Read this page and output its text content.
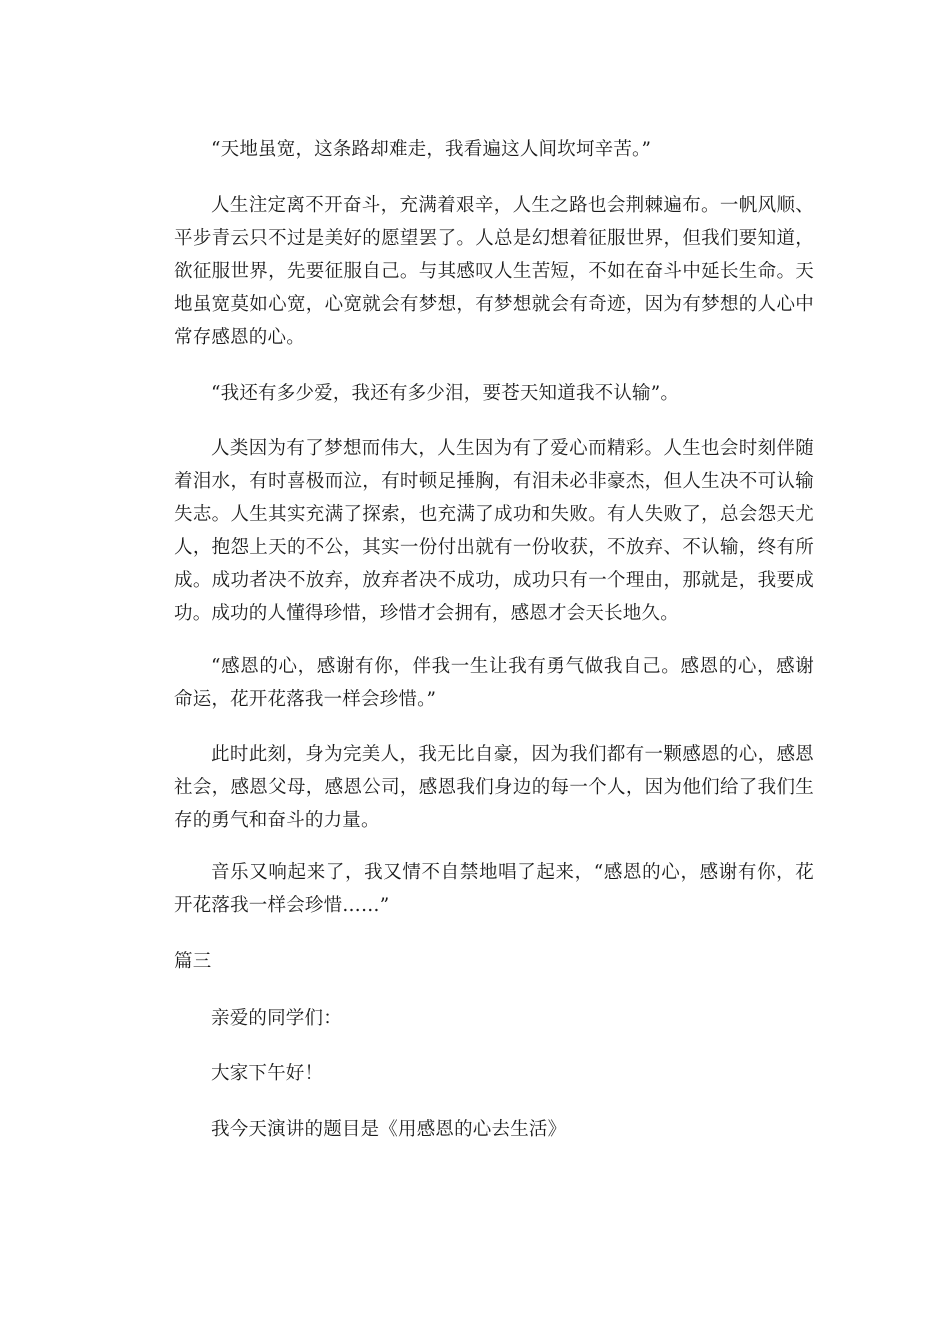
“天地虽宽，这条路却难走，我看遍这人间坎坷辛苦。”
人生注定离不开奋斗，充满着艰辛，人生之路也会荆棘遍布。一帆风顺、平步青云只不过是美好的愿望罢了。人总是幻想着征服世界，但我们要知道，欲征服世界，先要征服自己。与其感叹人生苦短，不如在奋斗中延长生命。天地虽宽莫如心宽，心宽就会有梦想，有梦想就会有奇迹，因为有梦想的人心中常存感恩的心。
“我还有多少爱，我还有多少泪，要苍天知道我不认输”。
人类因为有了梦想而伟大，人生因为有了爱心而精彩。人生也会时刻伴随着泪水，有时喜极而泣，有时顿足捶胸，有泪未必非豪杰，但人生决不可认输失志。人生其实充满了探索，也充满了成功和失败。有人失败了，总会怨天尤人，抱怨上天的不公，其实一份付出就有一份收获，不放弃、不认输，终有所成。成功者决不放弃，放弃者决不成功，成功只有一个理由，那就是，我要成功。成功的人懂得珍惜，珍惜才会拥有，感恩才会天长地久。
“感恩的心，感谢有你，伴我一生让我有勇气做我自己。感恩的心，感谢命运，花开花落我一样会珍惜。”
此时此刻，身为完美人，我无比自豪，因为我们都有一颗感恩的心，感恩社会，感恩父母，感恩公司，感恩我们身边的每一个人，因为他们给了我们生存的勇气和奋斗的力量。
音乐又响起来了，我又情不自禁地唱了起来，“感恩的心，感谢有你，花开花落我一样会珍惜……”
篇三
亲爱的同学们：
大家下午好！
我今天演讲的题目是《用感恩的心去生活》
